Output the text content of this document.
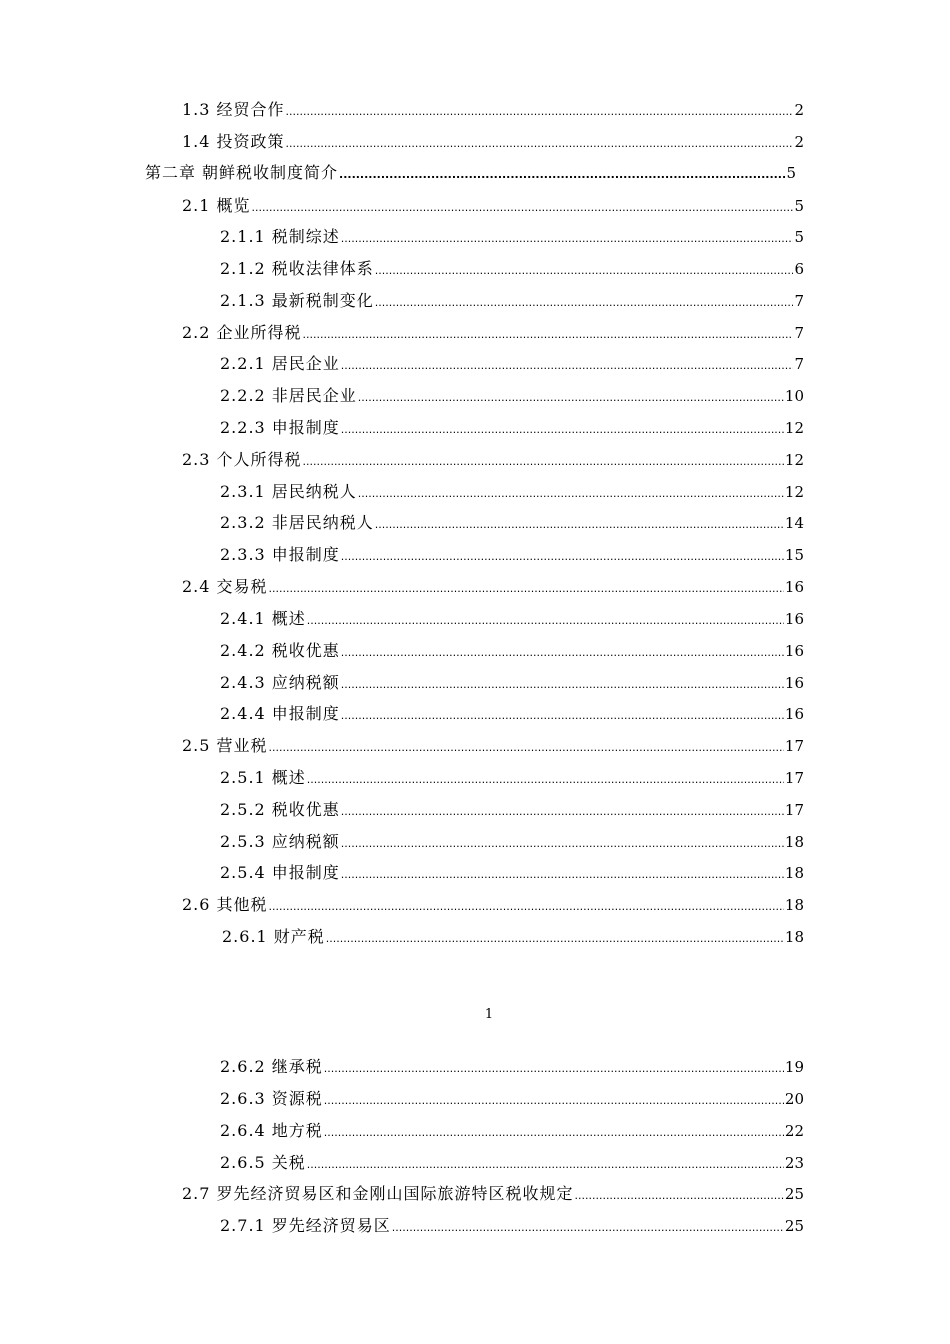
1.3 经贸合作 .....	2
1.4 投资政策 .....	2
第二章 朝鲜税收制度简介 .....	5
2.1 概览 .....	5
2.1.1 税制综述 .....	5
2.1.2 税收法律体系 .....	6
2.1.3 最新税制变化 .....	7
2.2 企业所得税 .....	7
2.2.1 居民企业 .....	7
2.2.2 非居民企业 .....	10
2.2.3 申报制度 .....	12
2.3 个人所得税 .....	12
2.3.1 居民纳税人 .....	12
2.3.2 非居民纳税人 .....	14
2.3.3 申报制度 .....	15
2.4 交易税 .....	16
2.4.1 概述 .....	16
2.4.2 税收优惠 .....	16
2.4.3 应纳税额 .....	16
2.4.4 申报制度 .....	16
2.5 营业税 .....	17
2.5.1 概述 .....	17
2.5.2 税收优惠 .....	17
2.5.3 应纳税额 .....	18
2.5.4 申报制度 .....	18
2.6 其他税 .....	18
2.6.1 财产税 .....	18
1
2.6.2 继承税 .....	19
2.6.3 资源税 .....	20
2.6.4 地方税 .....	22
2.6.5 关税 .....	23
2.7 罗先经济贸易区和金刚山国际旅游特区税收规定 .....	25
2.7.1 罗先经济贸易区 .....	25
